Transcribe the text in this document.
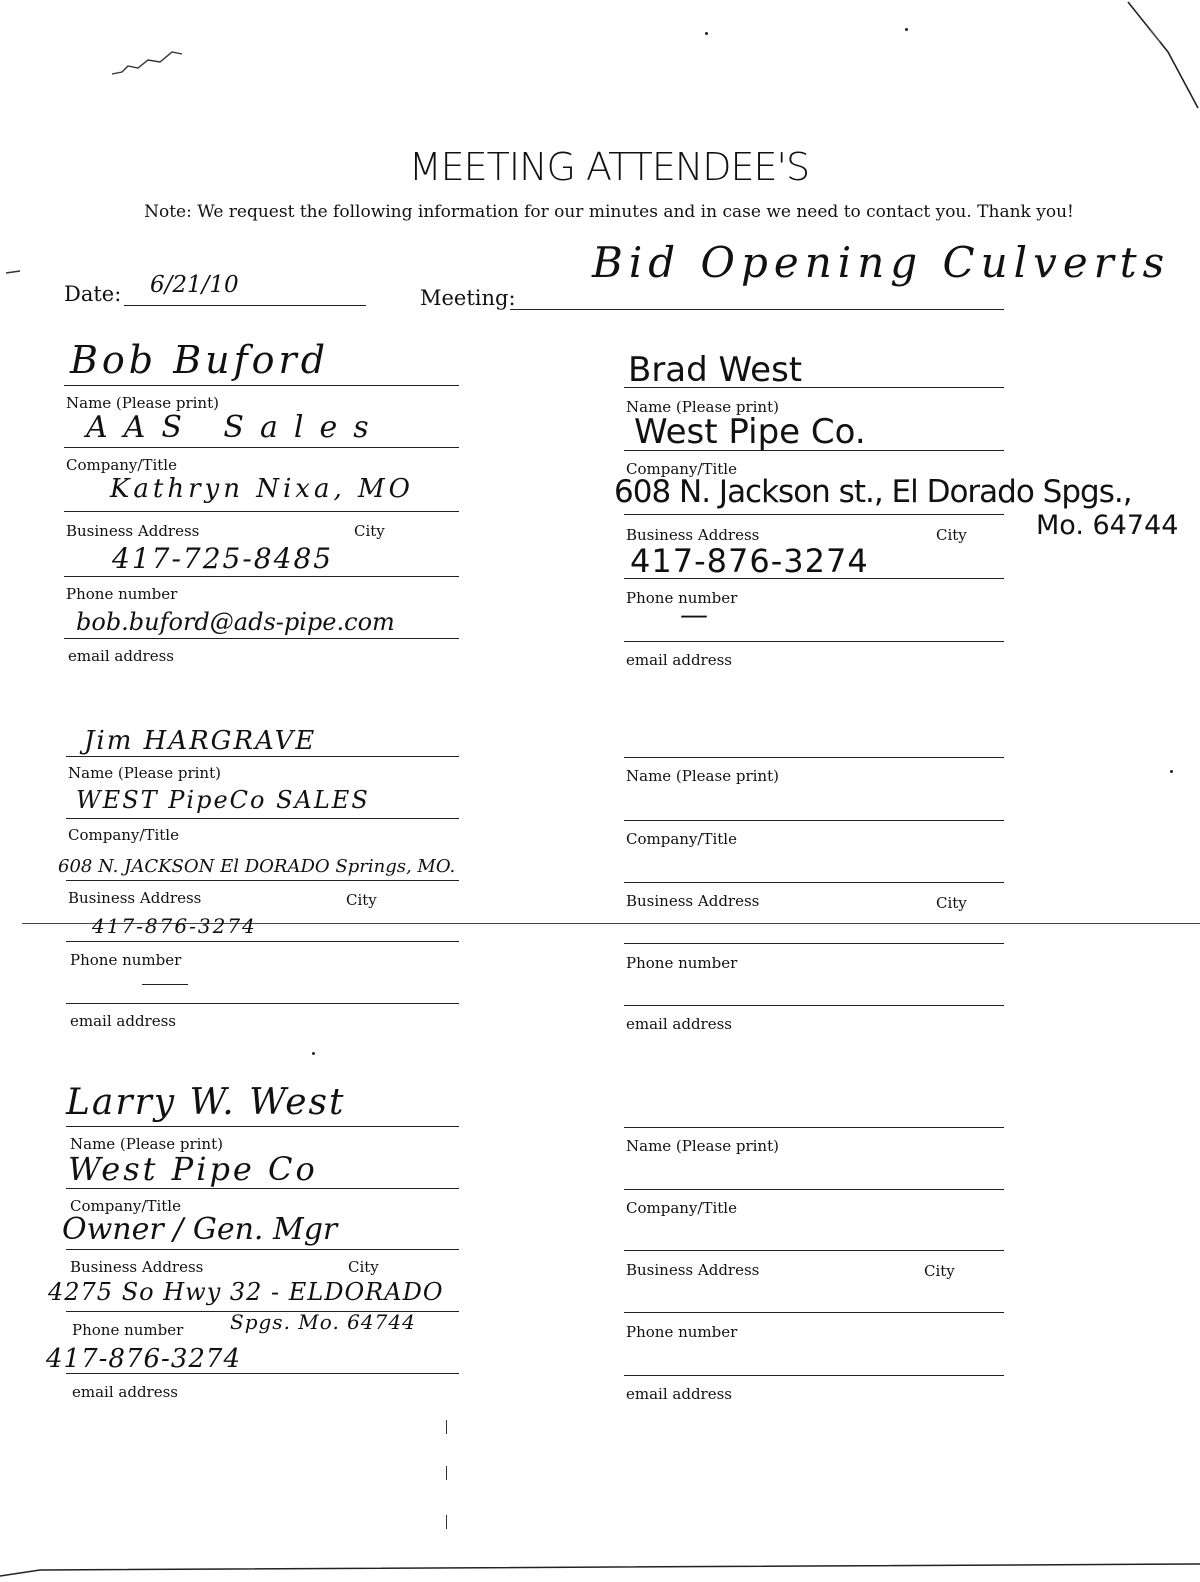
MEETING ATTENDEE'S
Note: We request the following information for our minutes and in case we need to contact you. Thank you!
Date: 6/21/10	Meeting:
Bid Opening Culverts
Bob Buford
Name (Please print)
AAS Sales
Company/Title
Kathryn Nixa, MO
Business Address	City
417-725-8485
Phone number
bob.buford@ads-pipe.com
email address
Brad West
Name (Please print)
West Pipe Co.
Company/Title
608 N. Jackson st., El Dorado Spgs.,
Mo. 64744
Business Address	City
417-876-3274
Phone number
—
email address
Jim HARGRAVE
Name (Please print)
WEST PipeCo SALES
Company/Title
608 N. JACKSON El DORADO Springs, MO.
Business Address	City
417-876-3274
Phone number
email address
Name (Please print)
Company/Title
Business Address	City
Phone number
email address
Larry W. West
Name (Please print)
West Pipe Co
Company/Title
Owner / Gen. Mgr
Business Address	City
4275 So Hwy 32 - ELDORADO
Spgs. Mo. 64744
Phone number
417-876-3274
email address
Name (Please print)
Company/Title
Business Address	City
Phone number
email address
